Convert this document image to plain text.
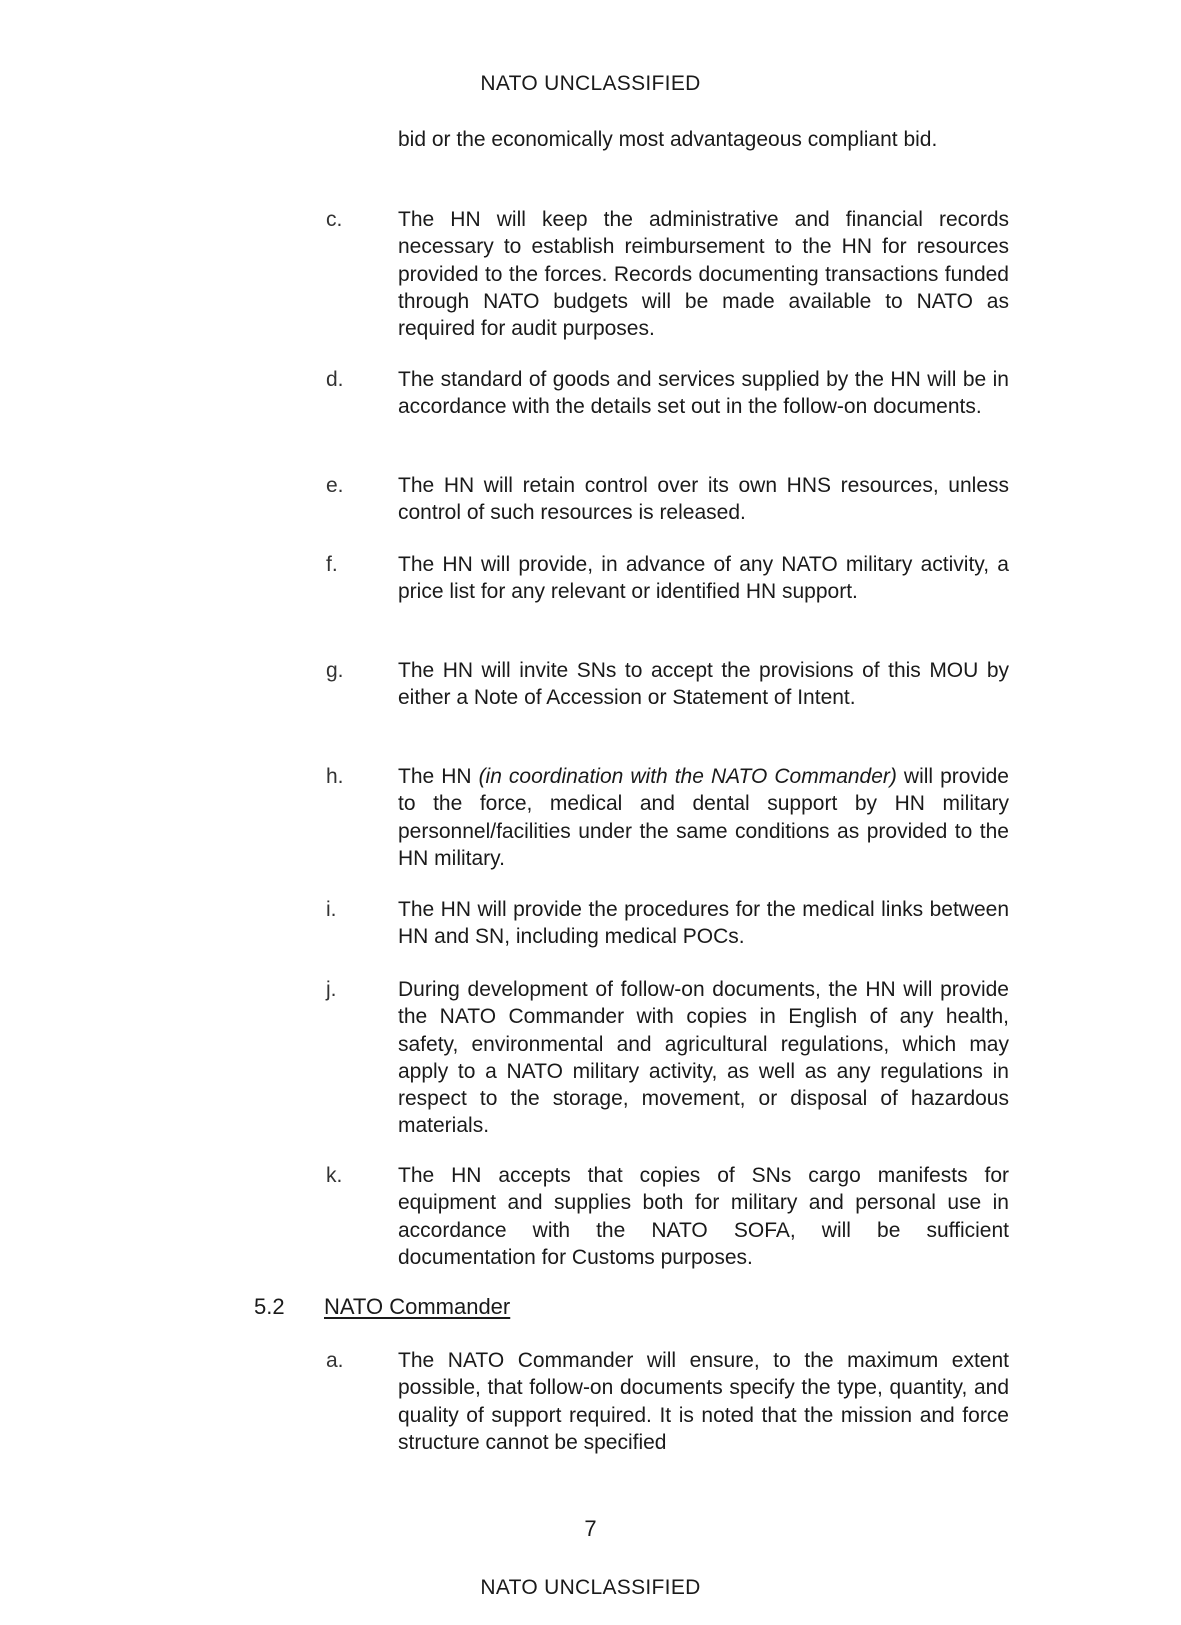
NATO UNCLASSIFIED
bid or the economically most advantageous compliant bid.
c.	The HN will keep the administrative and financial records necessary to establish reimbursement to the HN for resources provided to the forces. Records documenting transactions funded through NATO budgets will be made available to NATO as required for audit purposes.
d.	The standard of goods and services supplied by the HN will be in accordance with the details set out in the follow-on documents.
e.	The HN will retain control over its own HNS resources, unless control of such resources is released.
f.	The HN will provide, in advance of any NATO military activity, a price list for any relevant or identified HN support.
g.	The HN will invite SNs to accept the provisions of this MOU by either a Note of Accession or Statement of Intent.
h.	The HN (in coordination with the NATO Commander) will provide to the force, medical and dental support by HN military personnel/facilities under the same conditions as provided to the HN military.
i.	The HN will provide the procedures for the medical links between HN and SN, including medical POCs.
j.	During development of follow-on documents, the HN will provide the NATO Commander with copies in English of any health, safety, environmental and agricultural regulations, which may apply to a NATO military activity, as well as any regulations in respect to the storage, movement, or disposal of hazardous materials.
k.	The HN accepts that copies of SNs cargo manifests for equipment and supplies both for military and personal use in accordance with the NATO SOFA, will be sufficient documentation for Customs purposes.
5.2 NATO Commander
a.	The NATO Commander will ensure, to the maximum extent possible, that follow-on documents specify the type, quantity, and quality of support required. It is noted that the mission and force structure cannot be specified
7
NATO UNCLASSIFIED
